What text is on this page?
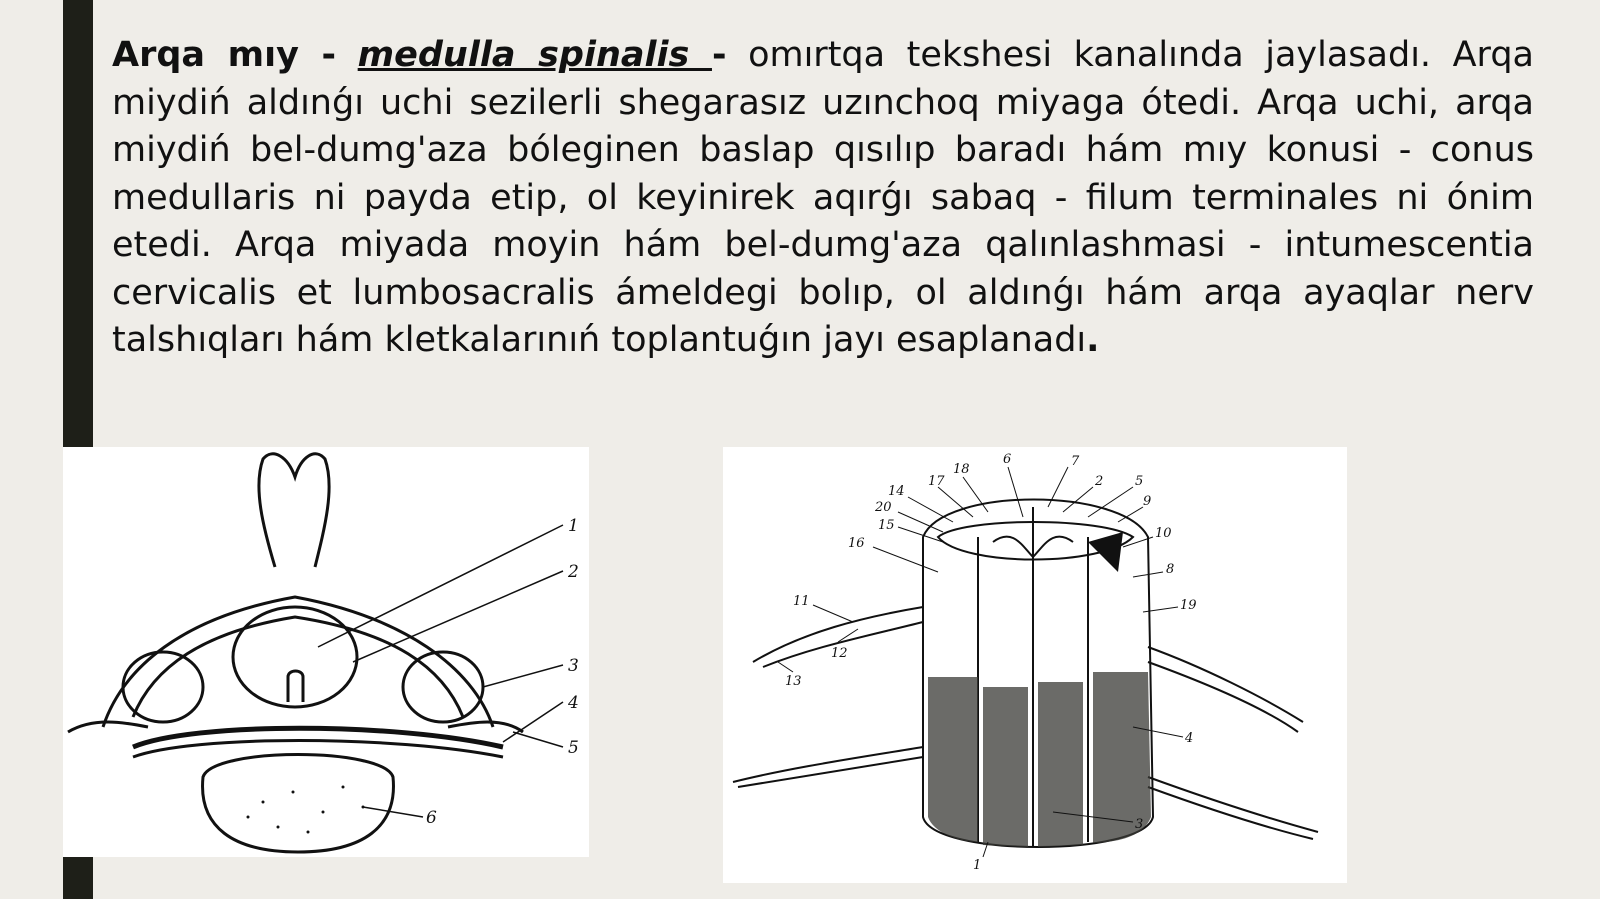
Arqa mıy - medulla spinalis - omırtqa tekshesi kanalında jaylasadı. Arqa miydiń aldınǵı uchi sezilerli shegarasız uzınchoq miyaga ótedi. Arqa uchi, arqa miydiń bel-dumg'aza bóleginen baslap qısılıp baradı hám mıy konusi - conus medullaris ni payda etip, ol keyinirek aqırǵı sabaq - filum terminales ni ónim etedi. Arqa miyada moyin hám bel-dumg'aza qalınlashmasi - intumescentia cervicalis et lumbosacralis ámeldegi bolıp, ol aldınǵı hám arqa ayaqlar nerv talshıqları hám kletkalarınıń toplantuǵın jayı esaplanadı.
1
2
3
4
5
6
6	7
18
17	2 5
14
9
20
15
10
16
8
11	19
12
13
4
3
1
